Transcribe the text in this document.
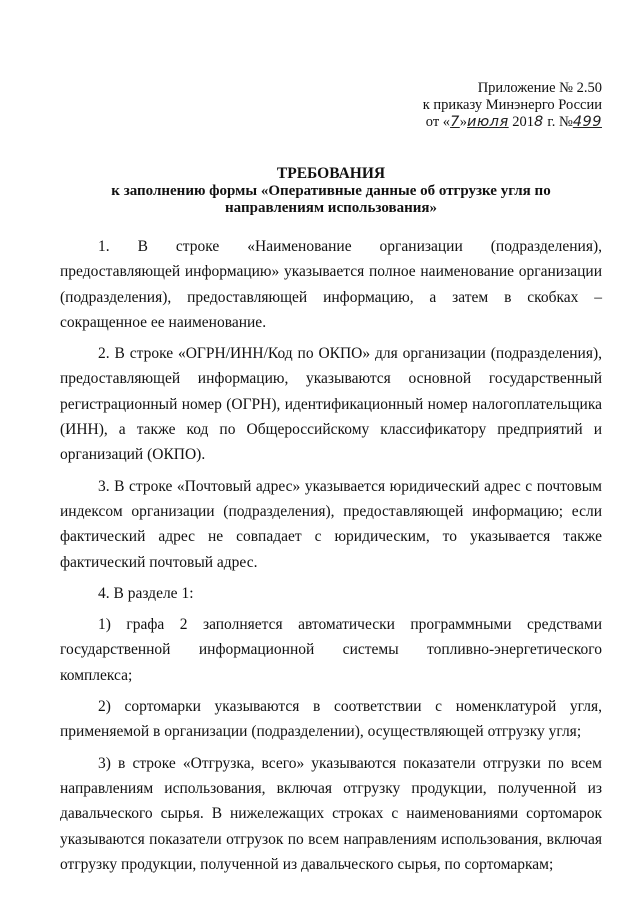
Приложение № 2.50
к приказу Минэнерго России
от «7»июля 2018 г. №499
ТРЕБОВАНИЯ
к заполнению формы «Оперативные данные об отгрузке угля по направлениям использования»

1. В строке «Наименование организации (подразделения), предоставляющей информацию» указывается полное наименование организации (подразделения), предоставляющей информацию, а затем в скобках – сокращенное ее наименование.

2. В строке «ОГРН/ИНН/Код по ОКПО» для организации (подразделения), предоставляющей информацию, указываются основной государственный регистрационный номер (ОГРН), идентификационный номер налогоплательщика (ИНН), а также код по Общероссийскому классификатору предприятий и организаций (ОКПО).

3. В строке «Почтовый адрес» указывается юридический адрес с почтовым индексом организации (подразделения), предоставляющей информацию; если фактический адрес не совпадает с юридическим, то указывается также фактический почтовый адрес.

4. В разделе 1:

1) графа 2 заполняется автоматически программными средствами государственной информационной системы топливно-энергетического комплекса;

2) сортомарки указываются в соответствии с номенклатурой угля, применяемой в организации (подразделении), осуществляющей отгрузку угля;

3) в строке «Отгрузка, всего» указываются показатели отгрузки по всем направлениям использования, включая отгрузку продукции, полученной из давальческого сырья. В нижележащих строках с наименованиями сортомарок указываются показатели отгрузок по всем направлениям использования, включая отгрузку продукции, полученной из давальческого сырья, по сортомаркам;
